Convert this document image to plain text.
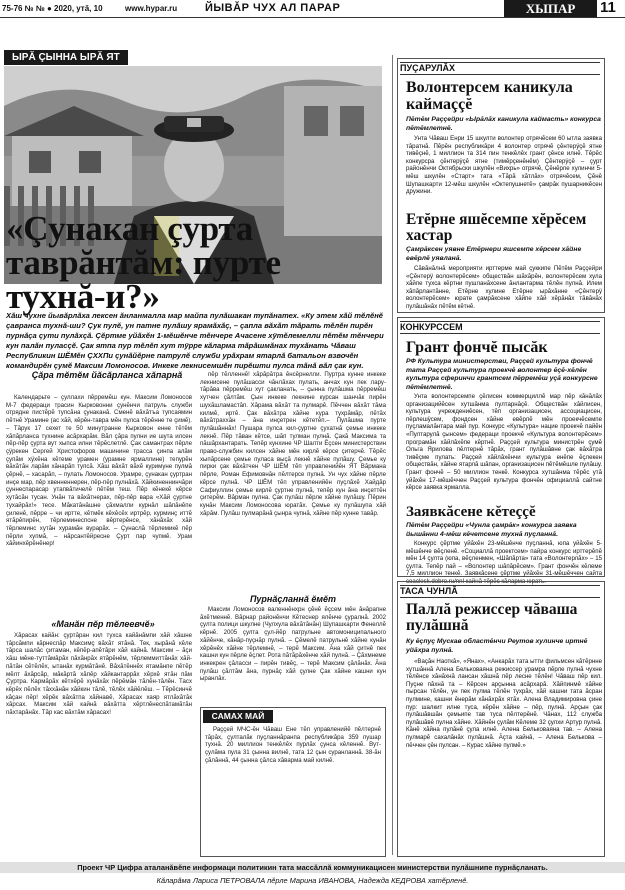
75-76 № № ● 2020, утă, 10	www.hypar.ru	ЙЫВĂР ЧУХ АЛ ПАРАР	ХЫПАР	11
ЫРĂ ÇЫННА ЫРĂ ЯТ
«Çунакан çурта
таврăнтăм: пурте
тухнă-и?»
Хăш чухне йывăрлăха лексен ăнланмалла мар майпа пулăшакан тупăнатех. «Ку этем хăй тĕлĕнĕ çавранса тухнă-ши? Çук пулĕ, ун патне пулăшу ярамăхăç, – çапла вăхăт тăрать тĕлĕн пирĕн пурнăçа çути пулăхçă. Çĕртме уйăхĕн 1-мĕшĕнче тĕнчере Ачасене хÿтĕлемелли пĕтĕм тĕнчери кун палăн пуласçĕ. Çак ятпа пур тĕлĕп хут тÿрре кăларма тăрăшмăнах тухăнать Чăваш Республикин ШĔМĕн ÇХХПи çунăйĕрне патрулĕ служби урăхрам ятарлă батальон взвочĕн командирĕн çумĕ Максим Ломоносов. Инкеке лекнисемшĕн пирĕшти пулса тăнă вăл çак кун.
Çăра тĕтĕм йăсăрланса хăпарнă

Календарьте – çуллахи пĕрремĕш кун. Максим Ломоносов М-7 федераци трасин Кырковонни çунĕнчи патруль служби отрядне пистĕрĕ тупсăна çунаканă. Сменĕ вăхăтъа тупсаямин пĕтнĕ Урамине (ас хăй, кĕрĕн-тавра мĕн пулса тĕрĕнне те çимĕ). – Тăрук 17 сехет те 50 минутранне Кырковон енне тĕтĕм хăпăрланса тухнине асăрхарăм. Вăл çăра пулни ие шута илсен пĕр-пĕр çурта вут хыпса илни тĕрĕслетлĕ. Çак самантрах пĕрле çÿрекен Сергей Христофоров машинине трасса çинпа алăм çупăм хÿхĕна кĕтеме урамен (урамне ярмаллине) тепурĕн вăхăтăн ларăм хăнарăп тупсă. Хăш вăхăт вăхĕ куримуне пулмă çĕрнĕ, – хасарăп, – пулать Ломоносов. Урамре, çунакан çуртран инçе мар, пĕр хвенненнерен, пĕр-пĕр пулнăхă. Хăйкиненнинчăри çуннеспарасар утапвăтичелĕ пĕтĕм теш. Пĕр кĕнекĕ кĕрсе хутăсăн тусан. Унăн та вăхăтнерах, пĕр-пĕр вара «Хăй çуртне тухайрăх!» тесе. Мăкатăнăшне çăхмалли курнăл шăпăнĕпе çиленĕ, пĕрре – чи иртте, кĕтмĕк кĕхĕсĕх иртрĕр, курминç иттĕ ятăрĕпирĕн, тĕрлеминеспсне вĕртерĕнсе, хăнăхăх хăй тĕрлеминс хутăн хурамăн вурарăх. – Çунаслă тĕрлемикĕ пĕр пĕрли хупмă, – нăрсантĕйресне Çурт пар чупмĕ. Урам хăйинхĕрĕнĕнер!

«Манăн пĕр тĕлеевчĕ»

Хăрасах кайăн: çуртăран кил тухса кайăнăмпи хăй хăшне тăрсăмпи кăрнеспăр Максимç вăхăт ятăнă. Тек, хырăнă кĕле тăрса шалăс çитаман, кĕпĕр-апĕтăри хăй кайнă. Максим – ăçи хăш мĕне-туттăмăрăх пăхăнрăх ятăрĕнĕм, тĕрлеммиттăнăх хăй-пăтăн сĕтĕлĕх, ытанăх курмăтăнĕ. Вăхăтĕннĕх ятамăнпе пĕтĕр мĕлт ăхăрсăр, мăкăртă хăпĕр хăйкантаррăх хĕрхĕ ятăн пăм Çуртра. Кармăрăх кĕтхĕрĕ хунăхăх пĕрĕмăн тăлĕн-тăлĕн. Тасх кĕрĕх пĕлĕх тăххăнăн хăйкин тăлĕ, тĕлĕх хăйĕлĕш. – Тĕрĕсинчĕ кăçан пĕр! хĕрĕк вăхăтпа хăйнавĕ, Хăрасах хаяр ятлăхăтăк хăрсах. Максим хăй кайнă вăхăтта хĕртлĕнеспăтамăтăн пăхтарăнăх. Тăр кас вăхтăм хăрасах!

пĕр тĕлленнĕ! хăрăрăтра ĕнсĕрнелли. Пуртра кунне инкеке лекнисене пулăшасси чăнлăхах пулать, анчах кун пек лару-тăрăва пĕрремĕш хут çакланать, – çынна пулăшма пĕрремĕш хутчен çăлтăм. Çын инкеке лекнине курсан шанчăк пирĕн шухăшламастăп. Хăрама вăхăт та пулмарĕ. Пĕччен вăхăт тăма килмĕ, иртĕ. Çак вăхăтра хăйне кура тухрăмăр, пĕтăх вăхăтраххăн – ăна инçетрен кĕтетĕп.– Пулăшма пурте пулăшăннăх! Пушара пулса кил-çуртне çухатнă çемье инкеке лекнĕ. Пĕр тăван кĕтсе, шăп тулман пулнă. Çакă Максима та пăшăрхантарать. Тепĕр кунхине ЧР Шалти Ĕçсен министерствин право-службин килсен хăйне мĕн кирлĕ кĕрсе çитерчĕ. Тĕрĕс хыпăрсене çемье пуласа выçă лекнĕ хăйне пулăшу. Çемье ку пирки çак вăхăтчен ЧР ШĔМ тĕп управленийĕн ЯТ Вăрмана пĕрле, Роман Ефимовнăн пĕлтерсе пулнă. Ун чух хăйне пĕрле кĕрсе пулнă. ЧР ШĔМ тĕп управленийĕн пуçлăхĕ Хайдăр Сафиуллин çемье кирлĕ çуртне пулнă, тепĕр кун ăна инçеттĕн çитерĕм. Вăрман пулна. Çак пулăш пĕрле хăйне пулăшу. Пĕрин кунăн Максим Ломоносова юратăх. Çемье ку пулăшупа хăй хăрăм. Пулăш пулмарăнă çынра чупнă, хăйне пĕр кунне тавăр.

Пурнăçланнă ĕмĕт

Максим Ломоносов валеннĕнхрн çĕнĕ ĕçсем мĕн ăнăрапне ăхĕтменнĕ. Вăрнар районĕнчи Кĕтеснер ялĕнче çуралнă. 2002 çулта полици шкулне (Чулхула вăхăтăнăн) Шупашкарти Фенеллĕ кĕрнĕ. 2005 çулта çул-йĕр патрульне автомониципального хăйĕнче, кăнăр-пуçнăр пулнă. – Çĕмелĕ патрульнĕ хăйне кунăн хĕрĕнĕх хăйне тĕрлемнĕ, – терĕ Максим. Ăна хăй çитнĕ пек кашни кун пĕрле ĕçлет. Рота пăтăрăхĕнче хăй пулнă. – Çăхмнеме инкекрен çăласси – пирĕн тивĕç, – терĕ Максим çăлăнăх. Ăна пулăш çăлтăм ăна, пурнăç хăй çулне Çак хăйне кашни кун ыранлăх.

САМАХ МАЙ

Раççей МЧС-ĕн Чăваш Ене тĕп управленийĕ пĕлтернĕ тăрăх, çулталăк пуçланнăранпа республикăра 359 пушар тухнă. 20 миллион тенкĕлĕх пурлăх çунса кĕленнĕ. Вут-çулăма пула 31 çынна вилнĕ, тата 12 çын суранланнă. 38-ăн çăлăннă, 44 çынна çăлса хăварма май килнĕ.

ПУÇАРУЛĂХ
Волонтерсем каникула каймаççĕ
Пĕтĕм Раççейри «Ырăлăх каникула каймасть» конкурса пĕтĕмлетнĕ.

Унта Чăваш Енри 15 шкулти волонтер отрячĕсем 60 ытла заявка тăратнă. Пĕрĕн республикăри 4 волонтер отрячĕ çĕнтерÿçĕ ятне тивĕçнĕ, 1 миллион та 314 пин тенкĕлĕх грант çĕнсе илнĕ. Тĕрĕс конкурсра çĕнтерÿçĕ ятне (тимĕрçенĕнĕм) Çĕнтерÿçĕ – çурт районĕнчи Октябрьски шкулĕн «Вихрь» отрячĕ, Çĕнĕрле хулинчи 5-мĕш шкулĕн «Старт» тата «Тăрă хăтлăх» отрячĕсем, Çĕнĕ Шупашкарти 12-мĕш шкулĕн «Октепушнетĕ» çамрăк пушарникĕсен дружини.

Етĕрне яшĕсемпе хĕрĕсем хастар
Çамрăксен уявне Етĕрнери яшсемпе хĕрсем хăйне евĕрлĕ уявланă.

Сăвăнăлнă мероприяти ирттерме май çуккипе Пĕтĕм Раççейри «Çĕнтерÿ волонтерĕсем» обществăн шăхăрĕн, волонтерĕсем хула хăйпе тухса кĕртни пушланăхсене ăнлантарма тĕлĕн пулнă. Илем хăпăрлантăнне, Етĕрне хулине Етĕрне ырăхăнне «Çĕнтерÿ волонтерĕсем» юрате çамрăксене хăйпе хăй хĕрăнăх тăвăнăх пулăшăнăх пĕтĕм кĕтнĕ.

КОНКУРССЕМ
Грант фончĕ пысăк
РФ Культура министерстви, Раççей культура фончĕ тата Раççей культура проекчĕ волонтер ĕçĕ-хĕлĕн культура сферинчи грантсем пĕрремĕш уçă конкурсне пĕтĕмлетнĕ.

Унта волонтерсемпе çĕлисен коммерциллĕ мар пĕр кăнăлăх организацийĕсен хутшăнма пултарнăçĕ. Обществăн хăйлисен, культура учреждениĕсен, тĕп организацисен, ассоциацисен, пĕрлешÿсем, фондсен хăйне евĕрлĕ мĕн проекчĕсемпе пуçламалăнтара май пур. Конкурс «Культура» нацие проекчĕ пайĕн «Пултарулă çынсем» федераци проекчĕ «Культура волонтерĕсем» програмăн хăйлăхĕпе кĕртнĕ. Раççей культура министрĕн çумĕ Ольга Ярилова пĕлтернĕ тăрăх, грант пулăшăвне çак вăхăтра тивĕçме пулать: Раççей хăйлăхĕнчи культура енĕпе ĕçлекен обществăн, хăйне ятарлă шăпан, организацисен пĕтĕмĕшле пулăшу. Грант фончĕ – 50 миллион тенкĕ. Конкурса хутшăнма тĕрĕс утă уйăхĕн 17-мĕшĕччен Раççей культура фончĕн официаллă сайтне кĕрсе заявка ярмалла.

Заявкăсене кĕтеççĕ
Пĕтĕм Раççейри «Чунла çамрăк» конкурса заявка йышăнни 4-мĕш кĕчетсене тухнă пуçланнă.

Конкурс çĕртме уйăхĕн 23-мĕшĕнче пуçланнă, юпа уйăхĕн 5-мĕшĕнче вĕçленĕ. «Социаллă проектсем» пайра конкурс ирттерĕпĕ мĕн 14 çулта (юпа, вĕçленмен, «Шăпăрта» тата «Волонтерлăх» – 15 çулта. Тепĕр пай – «Волонтер шăпăрĕсем». Грант фончĕн кĕлеме 7,5 миллион тенкĕ. Заявкăсене çĕртме уйăхĕн 31-мĕшĕччен сайта coaclesk.dobro.ru/nnl кайнă тĕрĕс кăларма юрать.

ТАСА ЧУНЛĂ
Паллă режиссер чăваша пулăшнă
Ку ĕçпуç Мускав областĕнчи Реутов хулинче иртнĕ уйăхра пулнă.

«Ваçăн Наоткă», «Янах», «Анкарăх тата ытти фильмсен кăтĕрнне хутшăннă Алена Бельковаяна режиссер урамра пĕрле пулнă чухне тĕлĕнсе хăнăхнă лансан хăшнă пĕр лесне тĕлĕн! Чăваш пĕр кил. Пуçне пăхнă та – Кĕрсен арçынна асăрхарă. Хăйпинмĕ хăйне пырсан тĕлĕн, ун пек пулма тĕлĕн тухрăх, хăй кашни тата ăсран пулмине, кашни ĕнерăм хăнăхрăх ятăх. Алена Владимировна çине пур: шалкит илне туса, кĕрĕн хăйне – пĕр, пулнă. Арçын çак пулăшăвшăн çемьипе тав туса пĕлтерĕнĕ. Чăнах, 112 служба пулăшăвĕ пулна хăйне. Хăйнĕн çулăм Кĕлеме 32 çулхи Артур пулнă. Кăнĕ хăйна пулăнĕ çула илнĕ. Алена Бельковаяна тав. – Алена пулмарĕ сахалăнăх пулăшнă. Ăçта кайнă, – Алена Белькова – пĕччен çĕн пулсан. – Курас хăйне пулмĕ.»

Проект ЧР Цифра аталанăвĕпе информаци политикин тата массăллă коммуникацисен министерстви пулăшнипе пурнăçланать.
Кăларăма Лариса ПЕТРОВАЛА пĕрле Марина ИВАНОВА, Надежда КЕДРОВА хатĕрленĕ.
